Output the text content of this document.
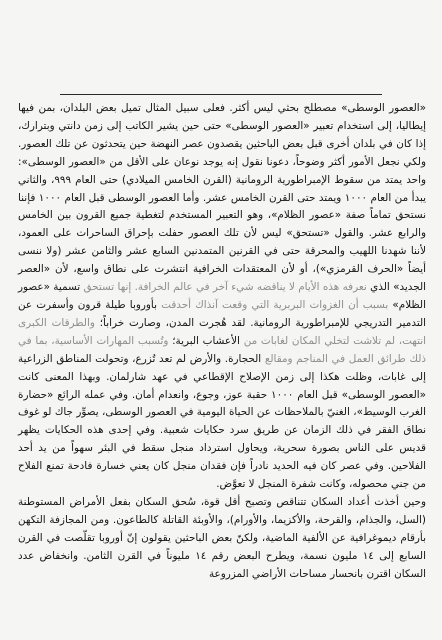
«العصور الوسطى» مصطلح بحثي ليس أكثر. فعلى سبيل المثال تميل بعض البلدان، بمن فيها إيطاليا، إلى استخدام تعبير «العصور الوسطى» حتى حين يشير الكاتب إلى زمن دانتي وبترارك، إذا كان في بلدان أخرى قبل بعض الباحثين يقصدون عصر النهضة حين يتحدثون عن تلك العصور. ولكي نجعل الأمور أكثر وضوحاً، دعونا نقول إنه يوجد نوعان على الأقل من «العصور الوسطى»: واحد يمتد من سقوط الإمبراطورية الرومانية (القرن الخامس الميلادي) حتى العام ٩٩٩، والثاني يبدأ من العام ١٠٠٠ ويمتد حتى القرن الخامس عشر. وأما العصور الوسطى قبل العام ١٠٠٠ فإننا نستحق تماماً صفة «عصور الظلام»، وهو التعبير المستخدم لتغطية جميع القرون بين الخامس والرابع عشر. والقول «تستحق» ليس لأن تلك العصور حفلت بإحراق الساحرات على العمود، لأننا شهدنا اللهيب والمحرقة حتى في القرنين المتمدنين السابع عشر والثامن عشر (ولا ننسى أيضاً «الحرف القرمزي»)، أو لأن المعتقدات الخرافية انتشرت على نطاق واسع، لأن «العصر الجديد» الذي نعرفه هذه الأيام لا يناقضه شيء آخر في عالم الخرافة. إنها تستحق تسمية «عصور الظلام» بسبب أن الغزوات البربرية التي وقعت آنذاك أحدقت بأوروبا طيلة قرون وأسفرت عن التدمير التدريجي للإمبراطورية الرومانية. لقد هُجرت المدن، وصارت خراباً؛ والطرقات الكبرى انتهت، لم تلاشت لتخلي المكان لغابات من الأعشاب البرية؛ وتُسبب المهارات الأساسية، بما في ذلك طرائق العمل في المناجم ومقالع الحجارة. والأرض لم تعد تُزرع، وتحولت المناطق الزراعية إلى غابات، وظلت هكذا إلى زمن الإصلاح الإقطاعي في عهد شارلمان. وبهذا المعنى كانت «العصور الوسطى» قبل العام ١٠٠٠ حقبة عوز، وجوع، وانعدام أمان. وفي عمله الرائع «حضارة الغرب الوسيط»، الغنيّ بالملاحظات عن الحياة اليومية في العصور الوسطى، يصوِّر جاك لو غوف نطاق الفقر في ذلك الزمان عن طريق سرد حكايات شعبية. وفي إحدى هذه الحكايات يظهر قديس على الناس بصورة سحرية، ويحاول استرداد منجل سقط في البئر سهواً من يد أحد الفلاحين. وفي عصر كان فيه الحديد نادراً فإن فقدان منجل كان يعني خسارة فادحة تمنع الفلاح من جني محصوله، وكانت شفرة المنجل لا تعوَّض.

وحين أخذت أعداد السكان تتناقص وتصبح أقل قوة، سُحق السكان بفعل الأمراض المستوطنة (السل، والجذام، والقرحة، والأكزيما، والأورام)، والأوبئة القاتلة كالطاعون. ومن المجازفة التكهن بأرقام ديموغرافية عن الألفية الماضية، ولكنّ بعض الباحثين يقولون إنّ أوروبا تقلّصت في القرن السابع إلى ١٤ مليون نسمة، ويطرح البعض رقم ١٤ مليوناً في القرن الثامن. وانخفاض عدد السكان اقترن بانحسار مساحات الأراضي المزروعة
